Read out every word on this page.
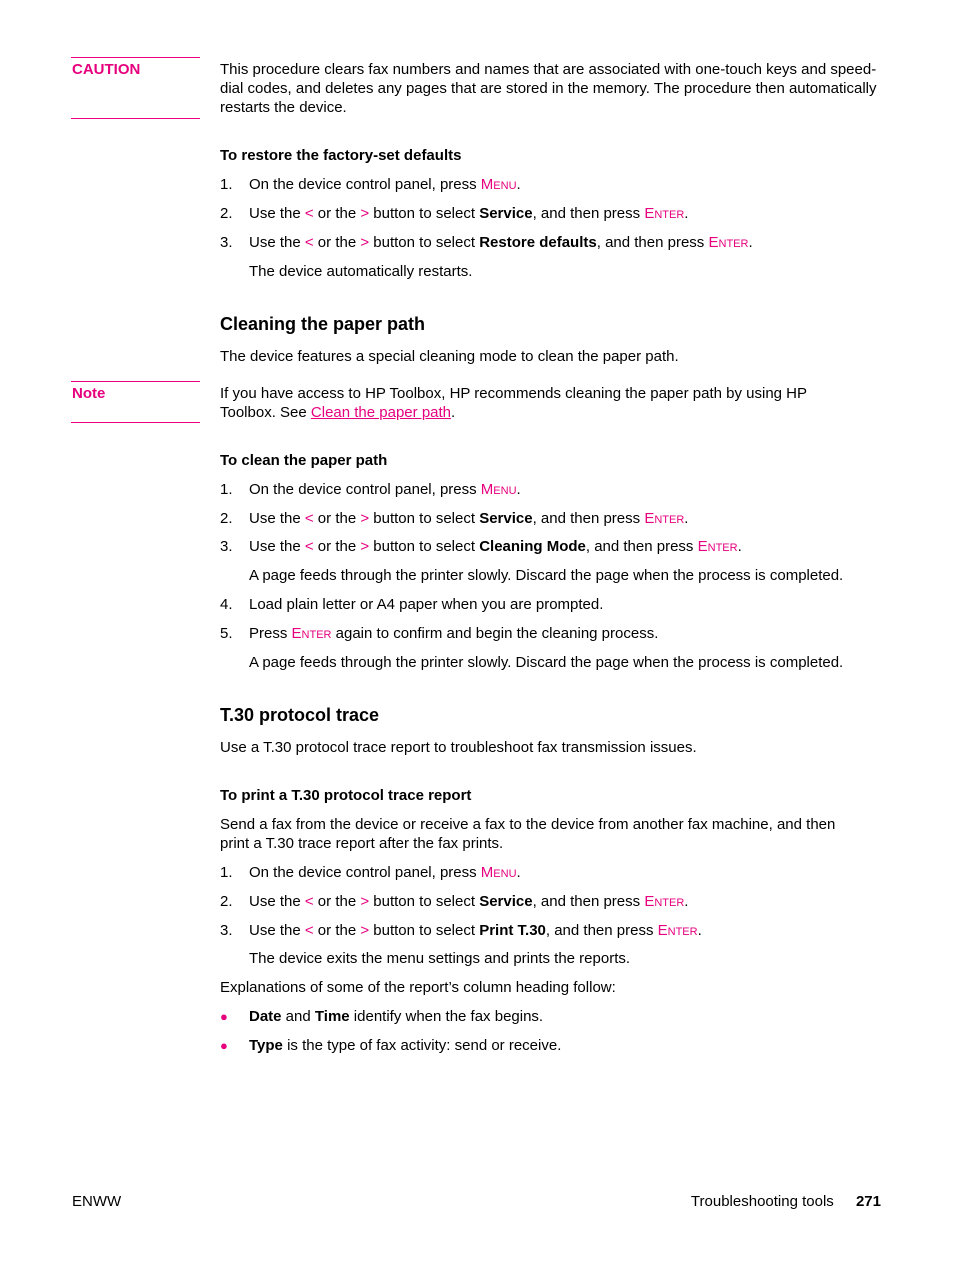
CAUTION	This procedure clears fax numbers and names that are associated with one-touch keys and speed-dial codes, and deletes any pages that are stored in the memory. The procedure then automatically restarts the device.
To restore the factory-set defaults
1. On the device control panel, press MENU.
2. Use the < or the > button to select Service, and then press ENTER.
3. Use the < or the > button to select Restore defaults, and then press ENTER.
The device automatically restarts.
Cleaning the paper path
The device features a special cleaning mode to clean the paper path.
Note	If you have access to HP Toolbox, HP recommends cleaning the paper path by using HP Toolbox. See Clean the paper path.
To clean the paper path
1. On the device control panel, press MENU.
2. Use the < or the > button to select Service, and then press ENTER.
3. Use the < or the > button to select Cleaning Mode, and then press ENTER.
A page feeds through the printer slowly. Discard the page when the process is completed.
4. Load plain letter or A4 paper when you are prompted.
5. Press ENTER again to confirm and begin the cleaning process.
A page feeds through the printer slowly. Discard the page when the process is completed.
T.30 protocol trace
Use a T.30 protocol trace report to troubleshoot fax transmission issues.
To print a T.30 protocol trace report
Send a fax from the device or receive a fax to the device from another fax machine, and then print a T.30 trace report after the fax prints.
1. On the device control panel, press MENU.
2. Use the < or the > button to select Service, and then press ENTER.
3. Use the < or the > button to select Print T.30, and then press ENTER.
The device exits the menu settings and prints the reports.
Explanations of some of the report’s column heading follow:
● Date and Time identify when the fax begins.
● Type is the type of fax activity: send or receive.
ENWW	Troubleshooting tools 271
